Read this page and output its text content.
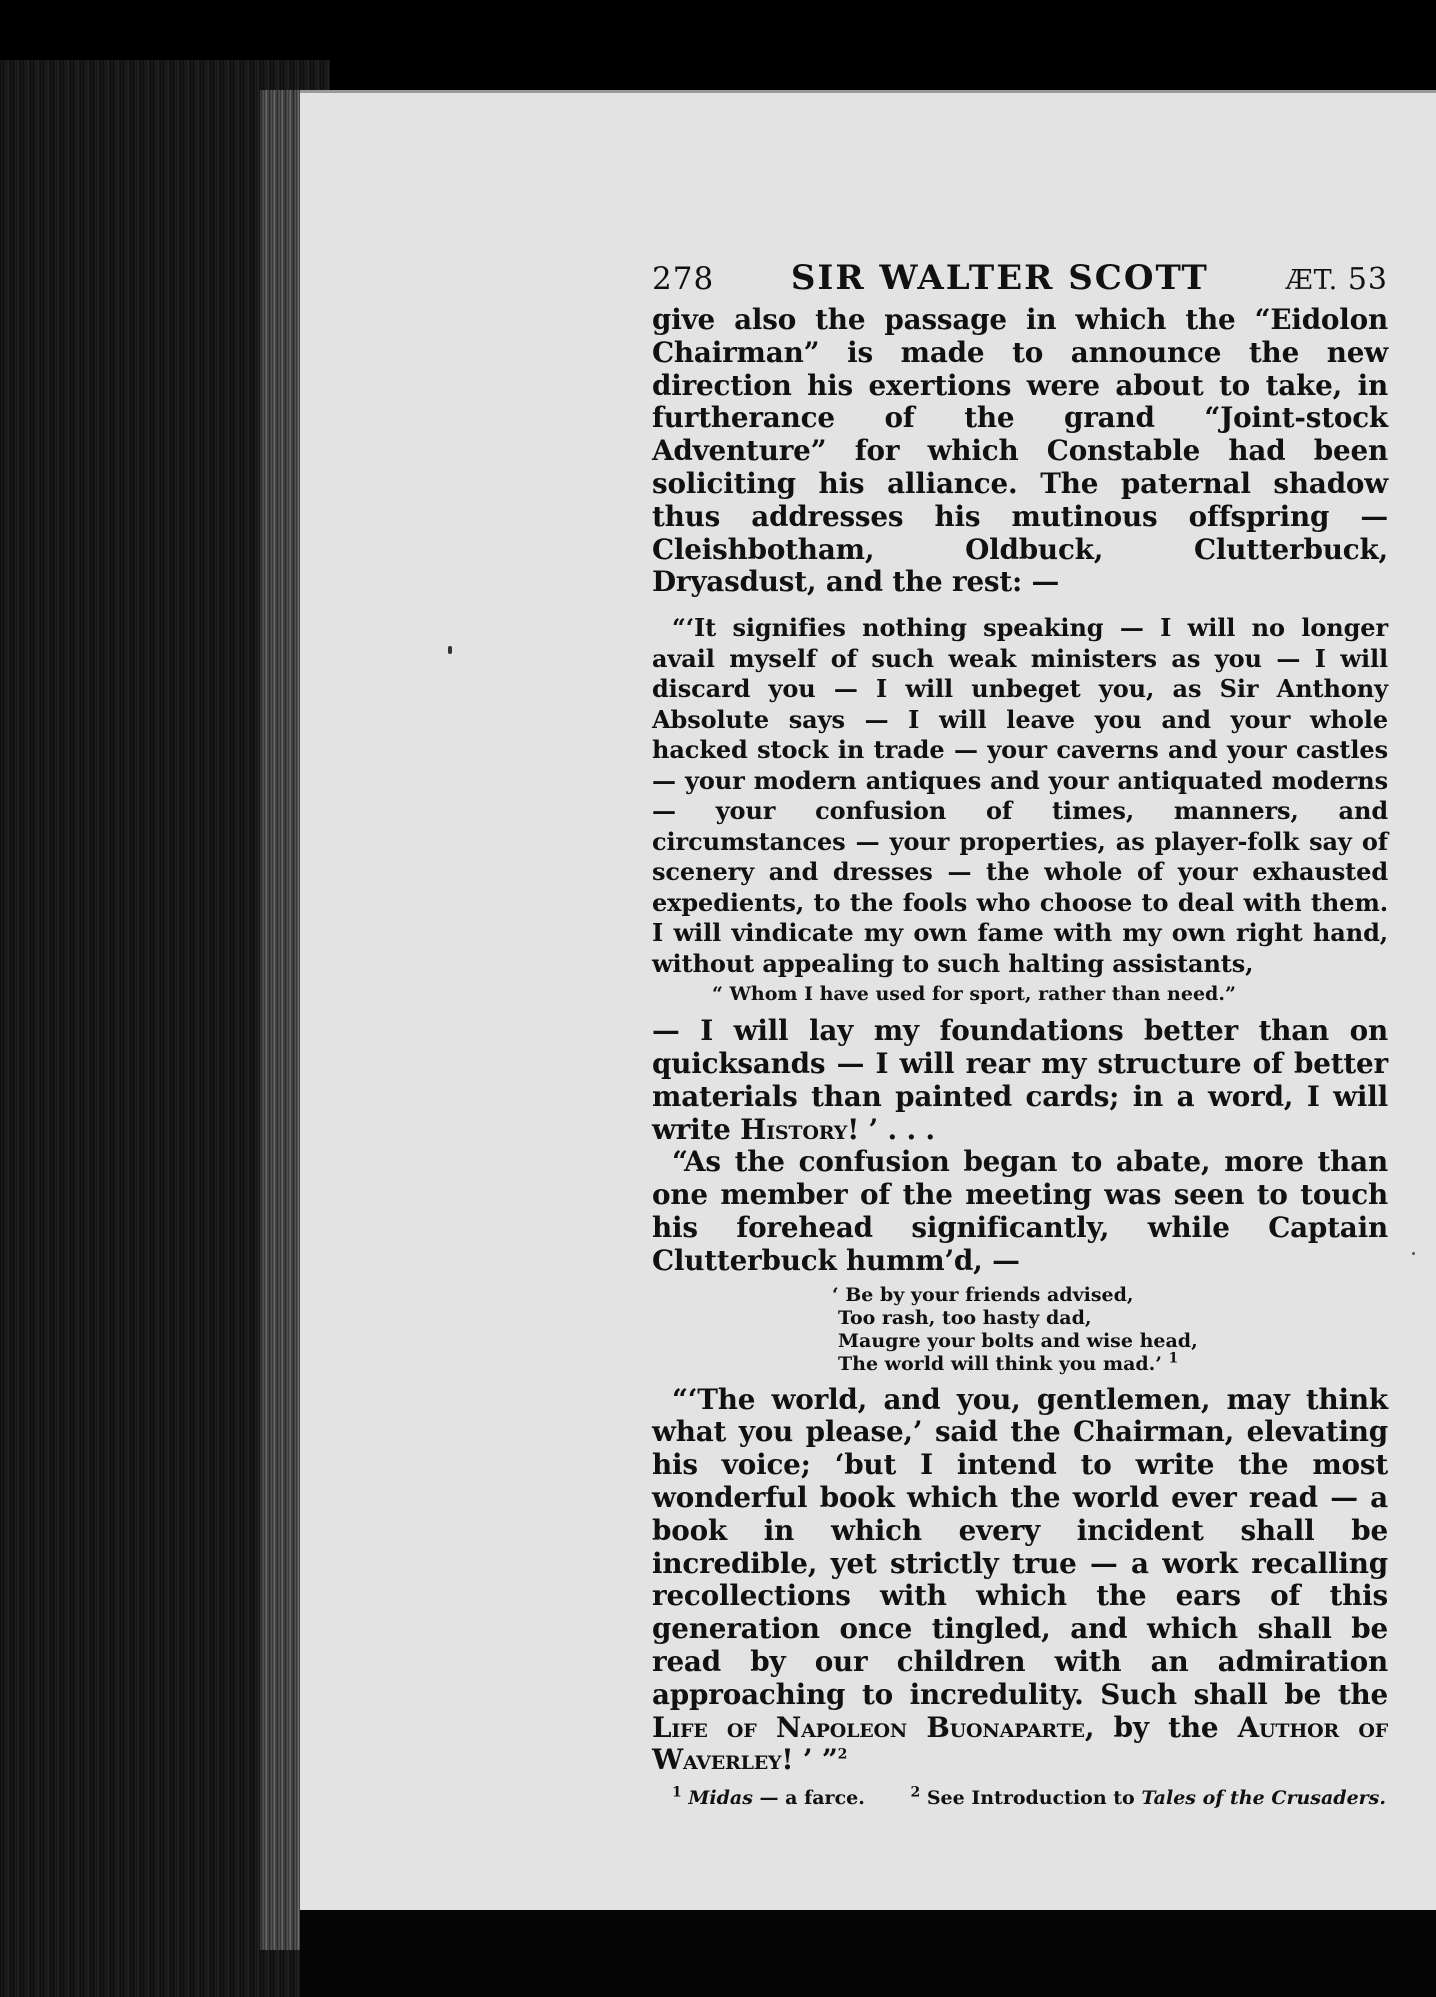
278 SIR WALTER SCOTT	ÆT. 53

give also the passage in which the “Eidolon Chairman” is made to announce the new direction his exertions were about to take, in furtherance of the grand “Joint-stock Adventure” for which Constable had been soliciting his alliance. The paternal shadow thus addresses his mutinous offspring — Cleishbotham, Oldbuck, Clutterbuck, Dryasdust, and the rest: —

“‘It signifies nothing speaking — I will no longer avail myself of such weak ministers as you — I will discard you — I will unbeget you, as Sir Anthony Absolute says — I will leave you and your whole hacked stock in trade — your caverns and your castles — your modern antiques and your antiquated moderns — your confusion of times, manners, and circumstances — your properties, as player-folk say of scenery and dresses — the whole of your exhausted expedients, to the fools who choose to deal with them. I will vindicate my own fame with my own right hand, without appealing to such halting assistants,

“ Whom I have used for sport, rather than need.”

— I will lay my foundations better than on quicksands — I will rear my structure of better materials than painted cards; in a word, I will write History! ’ . . .

“As the confusion began to abate, more than one member of the meeting was seen to touch his forehead significantly, while Captain Clutterbuck humm’d, —

‘ Be by your friends advised,
Too rash, too hasty dad,
Maugre your bolts and wise head,
The world will think you mad.’ $^1$

“‘The world, and you, gentlemen, may think what you please,’ said the Chairman, elevating his voice; ‘but I intend to write the most wonderful book which the world ever read — a book in which every incident shall be incredible, yet strictly true — a work recalling recollections with which the ears of this generation once tingled, and which shall be read by our children with an admiration approaching to incredulity. Such shall be the Life of Napoleon Buonaparte, by the Author of Waverley! ’ ”$^2$

$^1$ Midas — a farce.	$^2$ See Introduction to Tales of the Crusaders.
